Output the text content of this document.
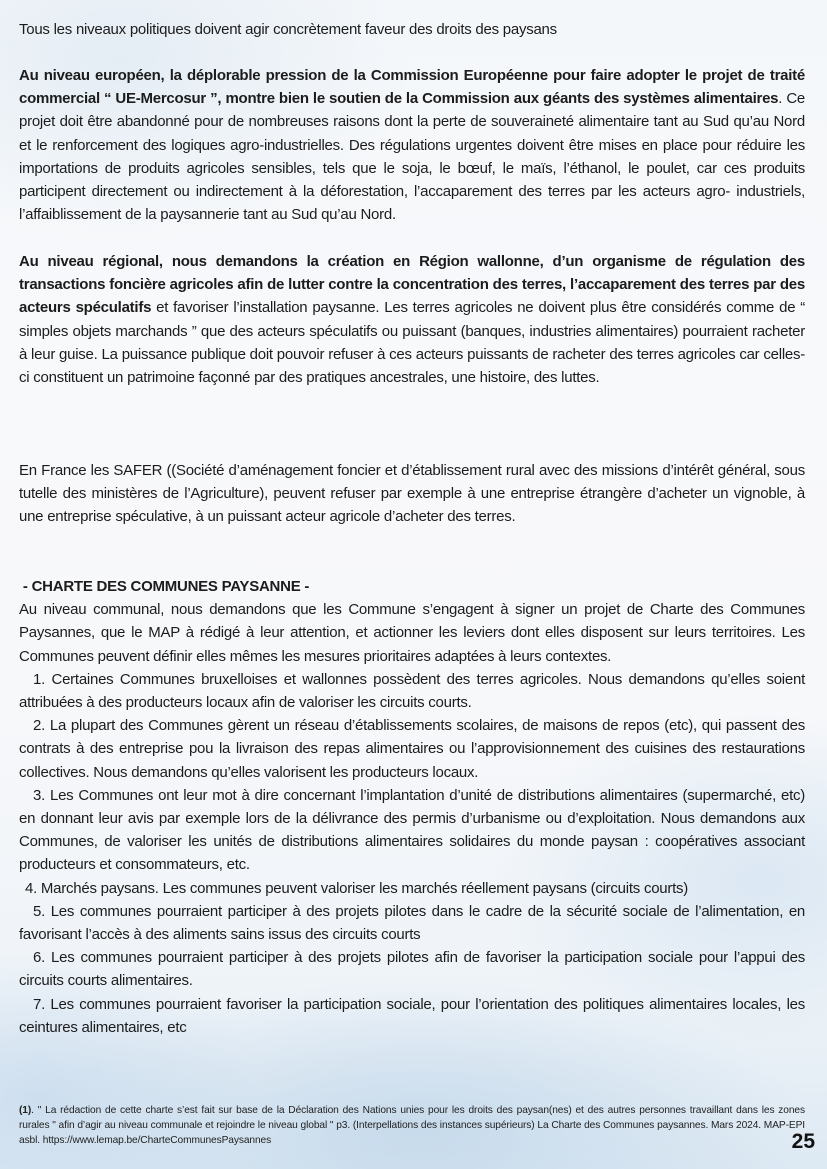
Tous les niveaux politiques doivent agir concrètement faveur des droits des paysans

Au niveau européen, la déplorable pression de la Commission Européenne pour faire adopter le projet de traité commercial “ UE-Mercosur ”, montre bien le soutien de la Commission aux géants des systèmes alimentaires. Ce projet doit être abandonné pour de nombreuses raisons dont la perte de souveraineté alimentaire tant au Sud qu’au Nord et le renforcement des logiques agro-industrielles. Des régulations urgentes doivent être mises en place pour réduire les importations de produits agricoles sensibles, tels que le soja, le bœuf, le maïs, l’éthanol, le poulet, car ces produits participent directement ou indirectement à la déforestation, l’accaparement des terres par les acteurs agro- industriels, l’affaiblissement de la paysannerie tant au Sud qu’au Nord.

Au niveau régional, nous demandons la création en Région wallonne, d’un organisme de régulation des transactions foncière agricoles afin de lutter contre la concentration des terres, l’accaparement des terres par des acteurs spéculatifs et favoriser l’installation paysanne. Les terres agricoles ne doivent plus être considérés comme de “ simples objets marchands ” que des acteurs spéculatifs ou puissant (banques, industries alimentaires) pourraient racheter à leur guise. La puissance publique doit pouvoir refuser à ces acteurs puissants de racheter des terres agricoles car celles-ci constituent un patrimoine façonné par des pratiques ancestrales, une histoire, des luttes.

En France les SAFER ((Société d’aménagement foncier et d’établissement rural avec des missions d’intérêt général, sous tutelle des ministères de l’Agriculture), peuvent refuser par exemple à une entreprise étrangère d’acheter un vignoble, à une entreprise spéculative, à un puissant acteur agricole d’acheter des terres.

- CHARTE DES COMMUNES PAYSANNE -

Au niveau communal, nous demandons que les Commune s’engagent à signer un projet de Charte des Communes Paysannes, que le MAP à rédigé à leur attention, et actionner les leviers dont elles disposent sur leurs territoires. Les Communes peuvent définir elles mêmes les mesures prioritaires adaptées à leurs contextes.

1. Certaines Communes bruxelloises et wallonnes possèdent des terres agricoles. Nous demandons qu’elles soient attribuées à des producteurs locaux afin de valoriser les circuits courts.

2. La plupart des Communes gèrent un réseau d’établissements scolaires, de maisons de repos (etc), qui passent des contrats à des entreprise pou la livraison des repas alimentaires ou l’approvisionnement des cuisines des restaurations collectives. Nous demandons qu’elles valorisent les producteurs locaux.

3. Les Communes ont leur mot à dire concernant l’implantation d’unité de distributions alimentaires (supermarché, etc) en donnant leur avis par exemple lors de la délivrance des permis d’urbanisme ou d’exploitation. Nous demandons aux Communes, de valoriser les unités de distributions alimentaires solidaires du monde paysan : coopératives associant producteurs et consommateurs, etc.

4. Marchés paysans. Les communes peuvent valoriser les marchés réellement paysans (circuits courts)

5. Les communes pourraient participer à des projets pilotes dans le cadre de la sécurité sociale de l’alimentation, en favorisant l’accès à des aliments sains issus des circuits courts

6. Les communes pourraient participer à des projets pilotes afin de favoriser la participation sociale pour l’appui des circuits courts alimentaires.

7. Les communes pourraient favoriser la participation sociale, pour l’orientation des politiques alimentaires locales, les ceintures alimentaires, etc

(1). " La rédaction de cette charte s’est fait sur base de la Déclaration des Nations unies pour les droits des paysan(nes) et des autres personnes travaillant dans les zones rurales " afin d’agir au niveau communale et rejoindre le niveau global " p3. (Interpellations des instances supérieurs) La Charte des Communes paysannes. Mars 2024. MAP-EPI asbl. https://www.lemap.be/CharteCommunesPaysannes	25
